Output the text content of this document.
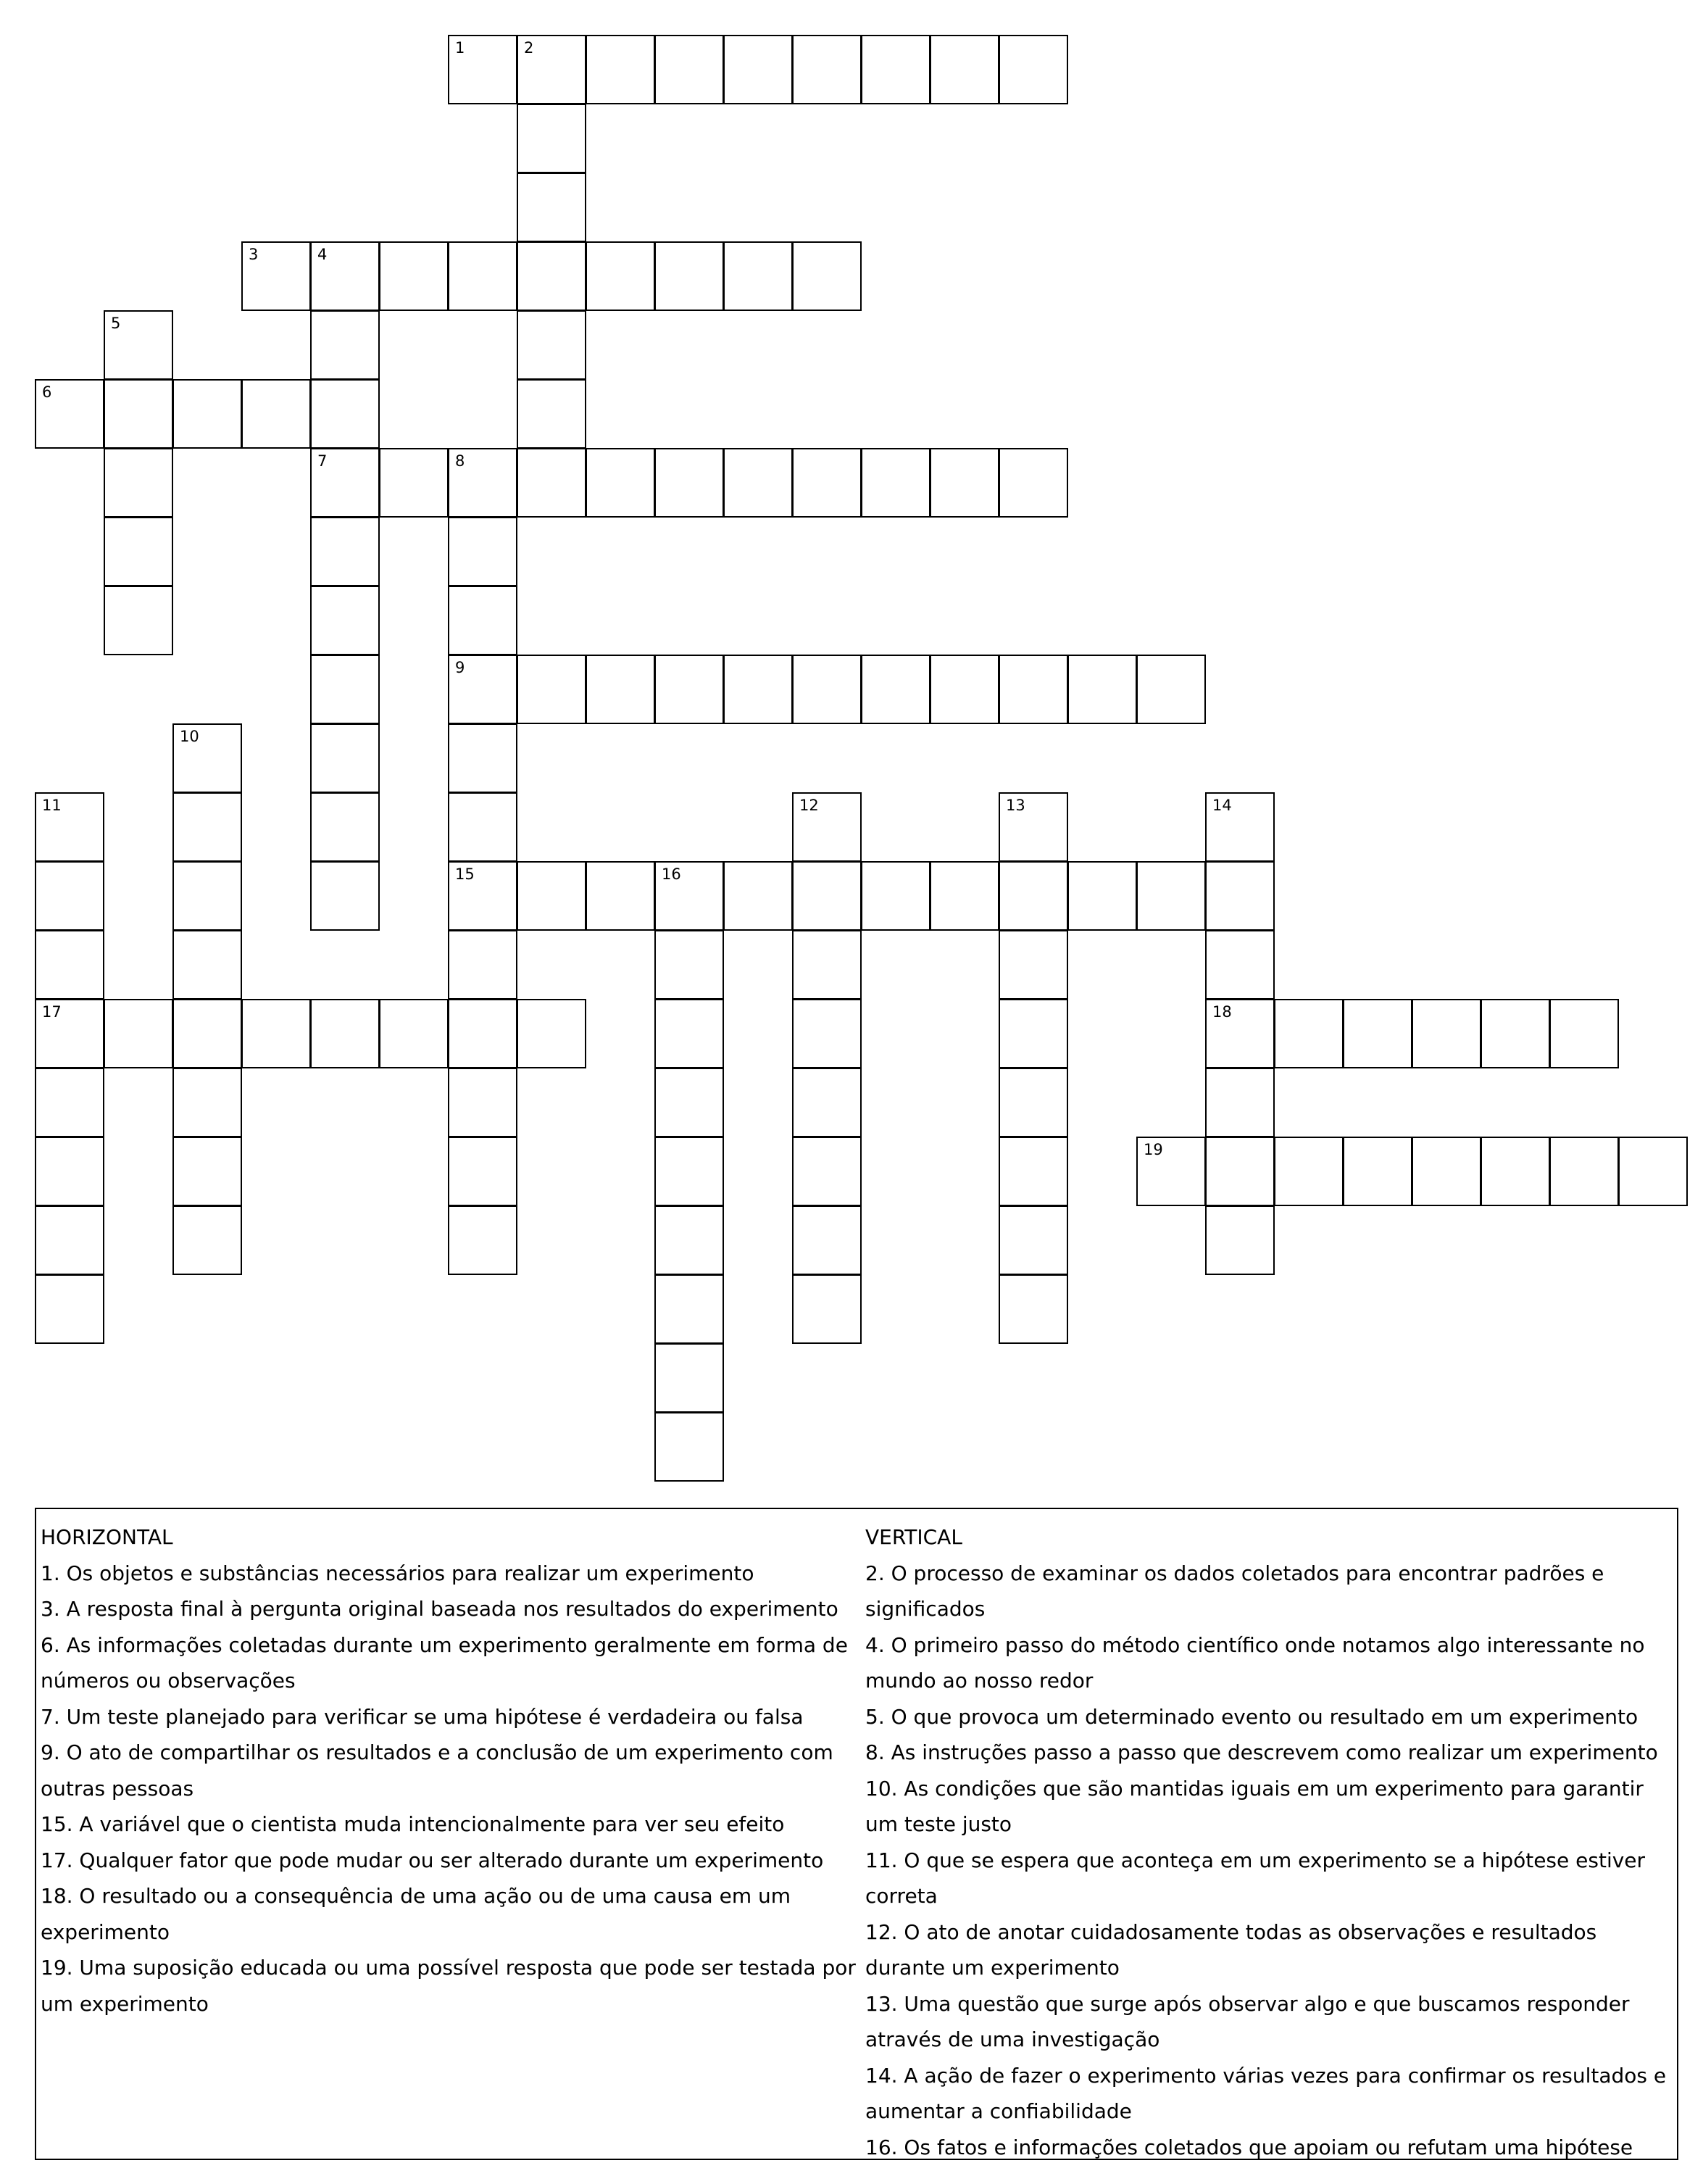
1	2
3	4
7
5
6
8
9
15
10
11
17
12	13	14
18
16
19
HORIZONTAL
1. Os objetos e substâncias necessários para realizar um experimento
3. A resposta final à pergunta original baseada nos resultados do experimento
6. As informações coletadas durante um experimento geralmente em forma de números ou observações
7. Um teste planejado para verificar se uma hipótese é verdadeira ou falsa
9. O ato de compartilhar os resultados e a conclusão de um experimento com outras pessoas
15. A variável que o cientista muda intencionalmente para ver seu efeito
17. Qualquer fator que pode mudar ou ser alterado durante um experimento
18. O resultado ou a consequência de uma ação ou de uma causa em um experimento
19. Uma suposição educada ou uma possível resposta que pode ser testada por um experimento
VERTICAL
2. O processo de examinar os dados coletados para encontrar padrões e significados
4. O primeiro passo do método científico onde notamos algo interessante no mundo ao nosso redor
5. O que provoca um determinado evento ou resultado em um experimento
8. As instruções passo a passo que descrevem como realizar um experimento
10. As condições que são mantidas iguais em um experimento para garantir um teste justo
11. O que se espera que aconteça em um experimento se a hipótese estiver correta
12. O ato de anotar cuidadosamente todas as observações e resultados durante um experimento
13. Uma questão que surge após observar algo e que buscamos responder através de uma investigação
14. A ação de fazer o experimento várias vezes para confirmar os resultados e aumentar a confiabilidade
16. Os fatos e informações coletados que apoiam ou refutam uma hipótese
